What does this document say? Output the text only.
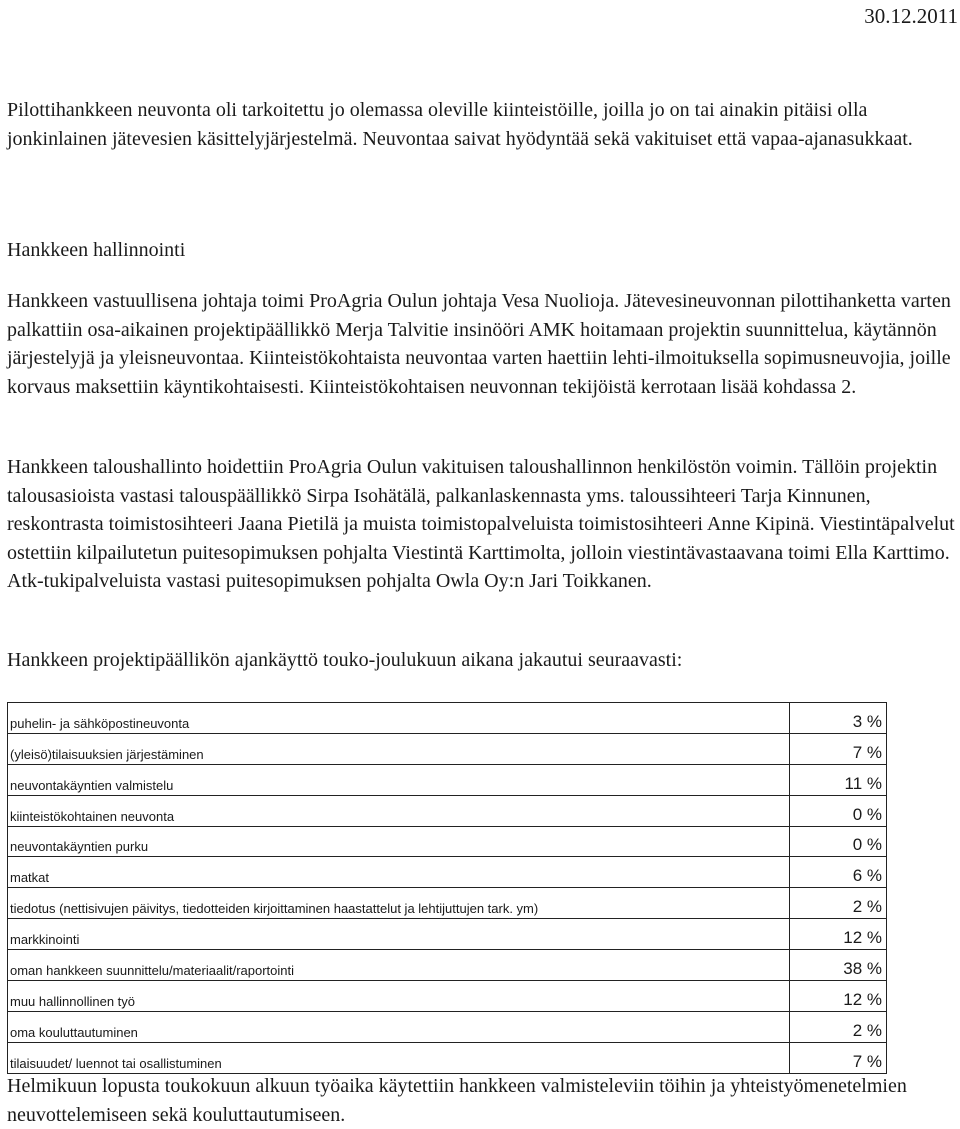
30.12.2011

Pilottihankkeen neuvonta oli tarkoitettu jo olemassa oleville kiinteistöille, joilla jo on tai ainakin pitäisi olla jonkinlainen jätevesien käsittelyjärjestelmä. Neuvontaa saivat hyödyntää sekä vakituiset että vapaa-ajanasukkaat.

Hankkeen hallinnointi

Hankkeen vastuullisena johtaja toimi ProAgria Oulun johtaja Vesa Nuolioja. Jätevesineuvonnan pilottihanketta varten palkattiin osa-aikainen projektipäällikkö Merja Talvitie insinööri AMK hoitamaan projektin suunnittelua, käytännön järjestelyjä ja yleisneuvontaa. Kiinteistökohtaista neuvontaa varten haettiin lehti-ilmoituksella sopimusneuvojia, joille korvaus maksettiin käyntikohtaisesti. Kiinteistökohtaisen neuvonnan tekijöistä kerrotaan lisää kohdassa 2.

Hankkeen taloushallinto hoidettiin ProAgria Oulun vakituisen taloushallinnon henkilöstön voimin. Tällöin projektin talousasioista vastasi talouspäällikkö Sirpa Isohätälä, palkanlaskennasta yms. taloussihteeri Tarja Kinnunen, reskontrasta toimistosihteeri Jaana Pietilä ja muista toimistopalveluista toimistosihteeri Anne Kipinä. Viestintäpalvelut ostettiin kilpailutetun puitesopimuksen pohjalta Viestintä Karttimolta, jolloin viestintävastaavana toimi Ella Karttimo. Atk-tukipalveluista vastasi puitesopimuksen pohjalta Owla Oy:n Jari Toikkanen.

Hankkeen projektipäällikön ajankäyttö touko-joulukuun aikana jakautui seuraavasti:
puhelin- ja sähköpostineuvonta	3 %
(yleisö)tilaisuuksien järjestäminen	7 %
neuvontakäyntien valmistelu	11 %
kiinteistökohtainen neuvonta	0 %
neuvontakäyntien purku	0 %
matkat	6 %
tiedotus (nettisivujen päivitys, tiedotteiden kirjoittaminen haastattelut ja lehtijuttujen tark. ym)	2 %
markkinointi	12 %
oman hankkeen suunnittelu/materiaalit/raportointi	38 %
muu hallinnollinen työ	12 %
oma kouluttautuminen	2 %
tilaisuudet/ luennot tai osallistuminen	7 %

Helmikuun lopusta toukokuun alkuun työaika käytettiin hankkeen valmisteleviin töihin ja yhteistyömenetelmien neuvottelemiseen sekä kouluttautumiseen.
